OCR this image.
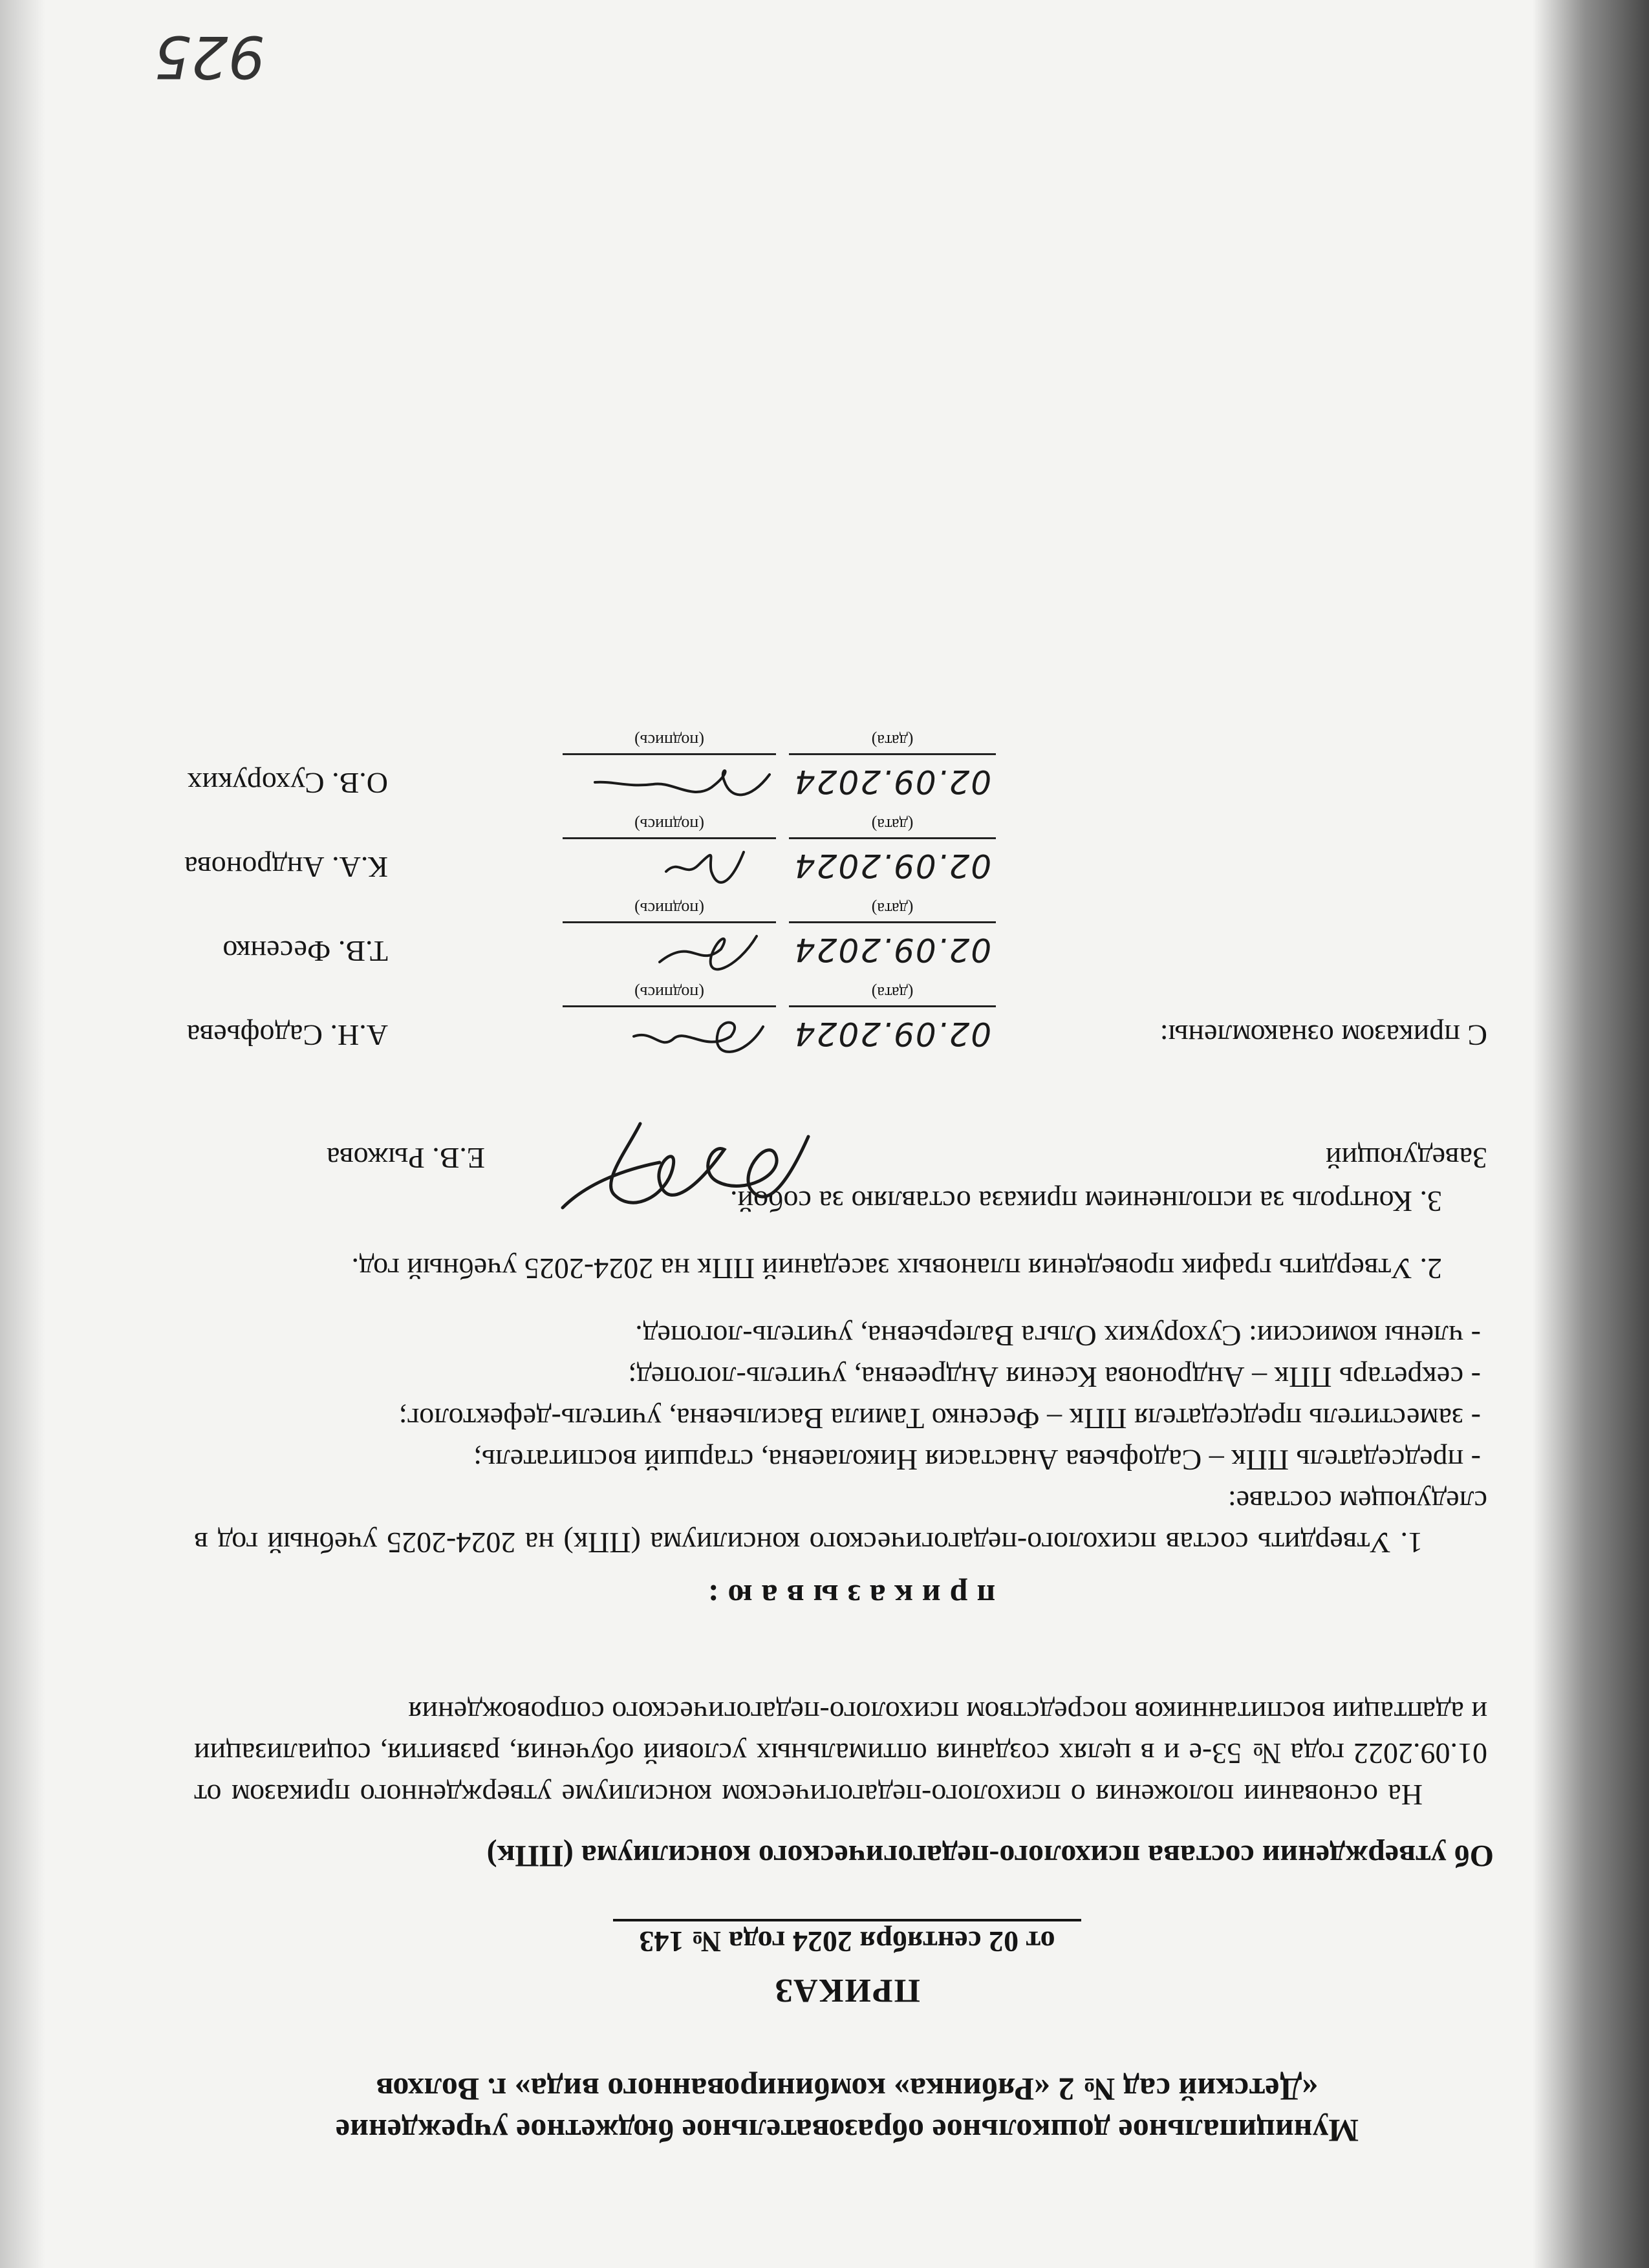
Муниципальное дошкольное образовательное бюджетное учреждение
«Детский сад № 2 «Рябинка» комбинированного вида» г. Волхов
ПРИКАЗ
от 02 сентября 2024 года № 143
Об утверждении состава психолого-педагогического консилиума (ППк)
На основании положения о психолого-педагогическом консилиуме утвержденного приказом от 01.09.2022 года № 53-е и в целях создания оптимальных условий обучения, развития, социализации и адаптации воспитанников посредством психолого-педагогического сопровождения
приказываю:
1. Утвердить состав психолого-педагогического консилиума (ППк) на 2024-2025 учебный год в следующем составе:
- председатель ППк – Садофьева Анастасия Николаевна, старший воспитатель;
- заместитель председателя ППк – Фесенко Тамила Васильевна, учитель-дефектолог;
- секретарь ППк – Андронова Ксения Андреевна, учитель-логопед;
- члены комиссии: Сухоруких Ольга Валерьевна, учитель-логопед.
2. Утвердить график проведения плановых заседаний ППк на 2024-2025 учебный год.
3. Контроль за исполнением приказа оставляю за собой.
Заведующий
Е.В. Рыжова
С приказом ознакомлены:
02.09.2024
(дата)
(подпись)
А.Н. Садофьева
02.09.2024
(дата)
(подпись)
Т.В. Фесенко
02.09.2024
(дата)
(подпись)
К.А. Андронова
02.09.2024
(дата)
(подпись)
О.В. Сухоруких
925
